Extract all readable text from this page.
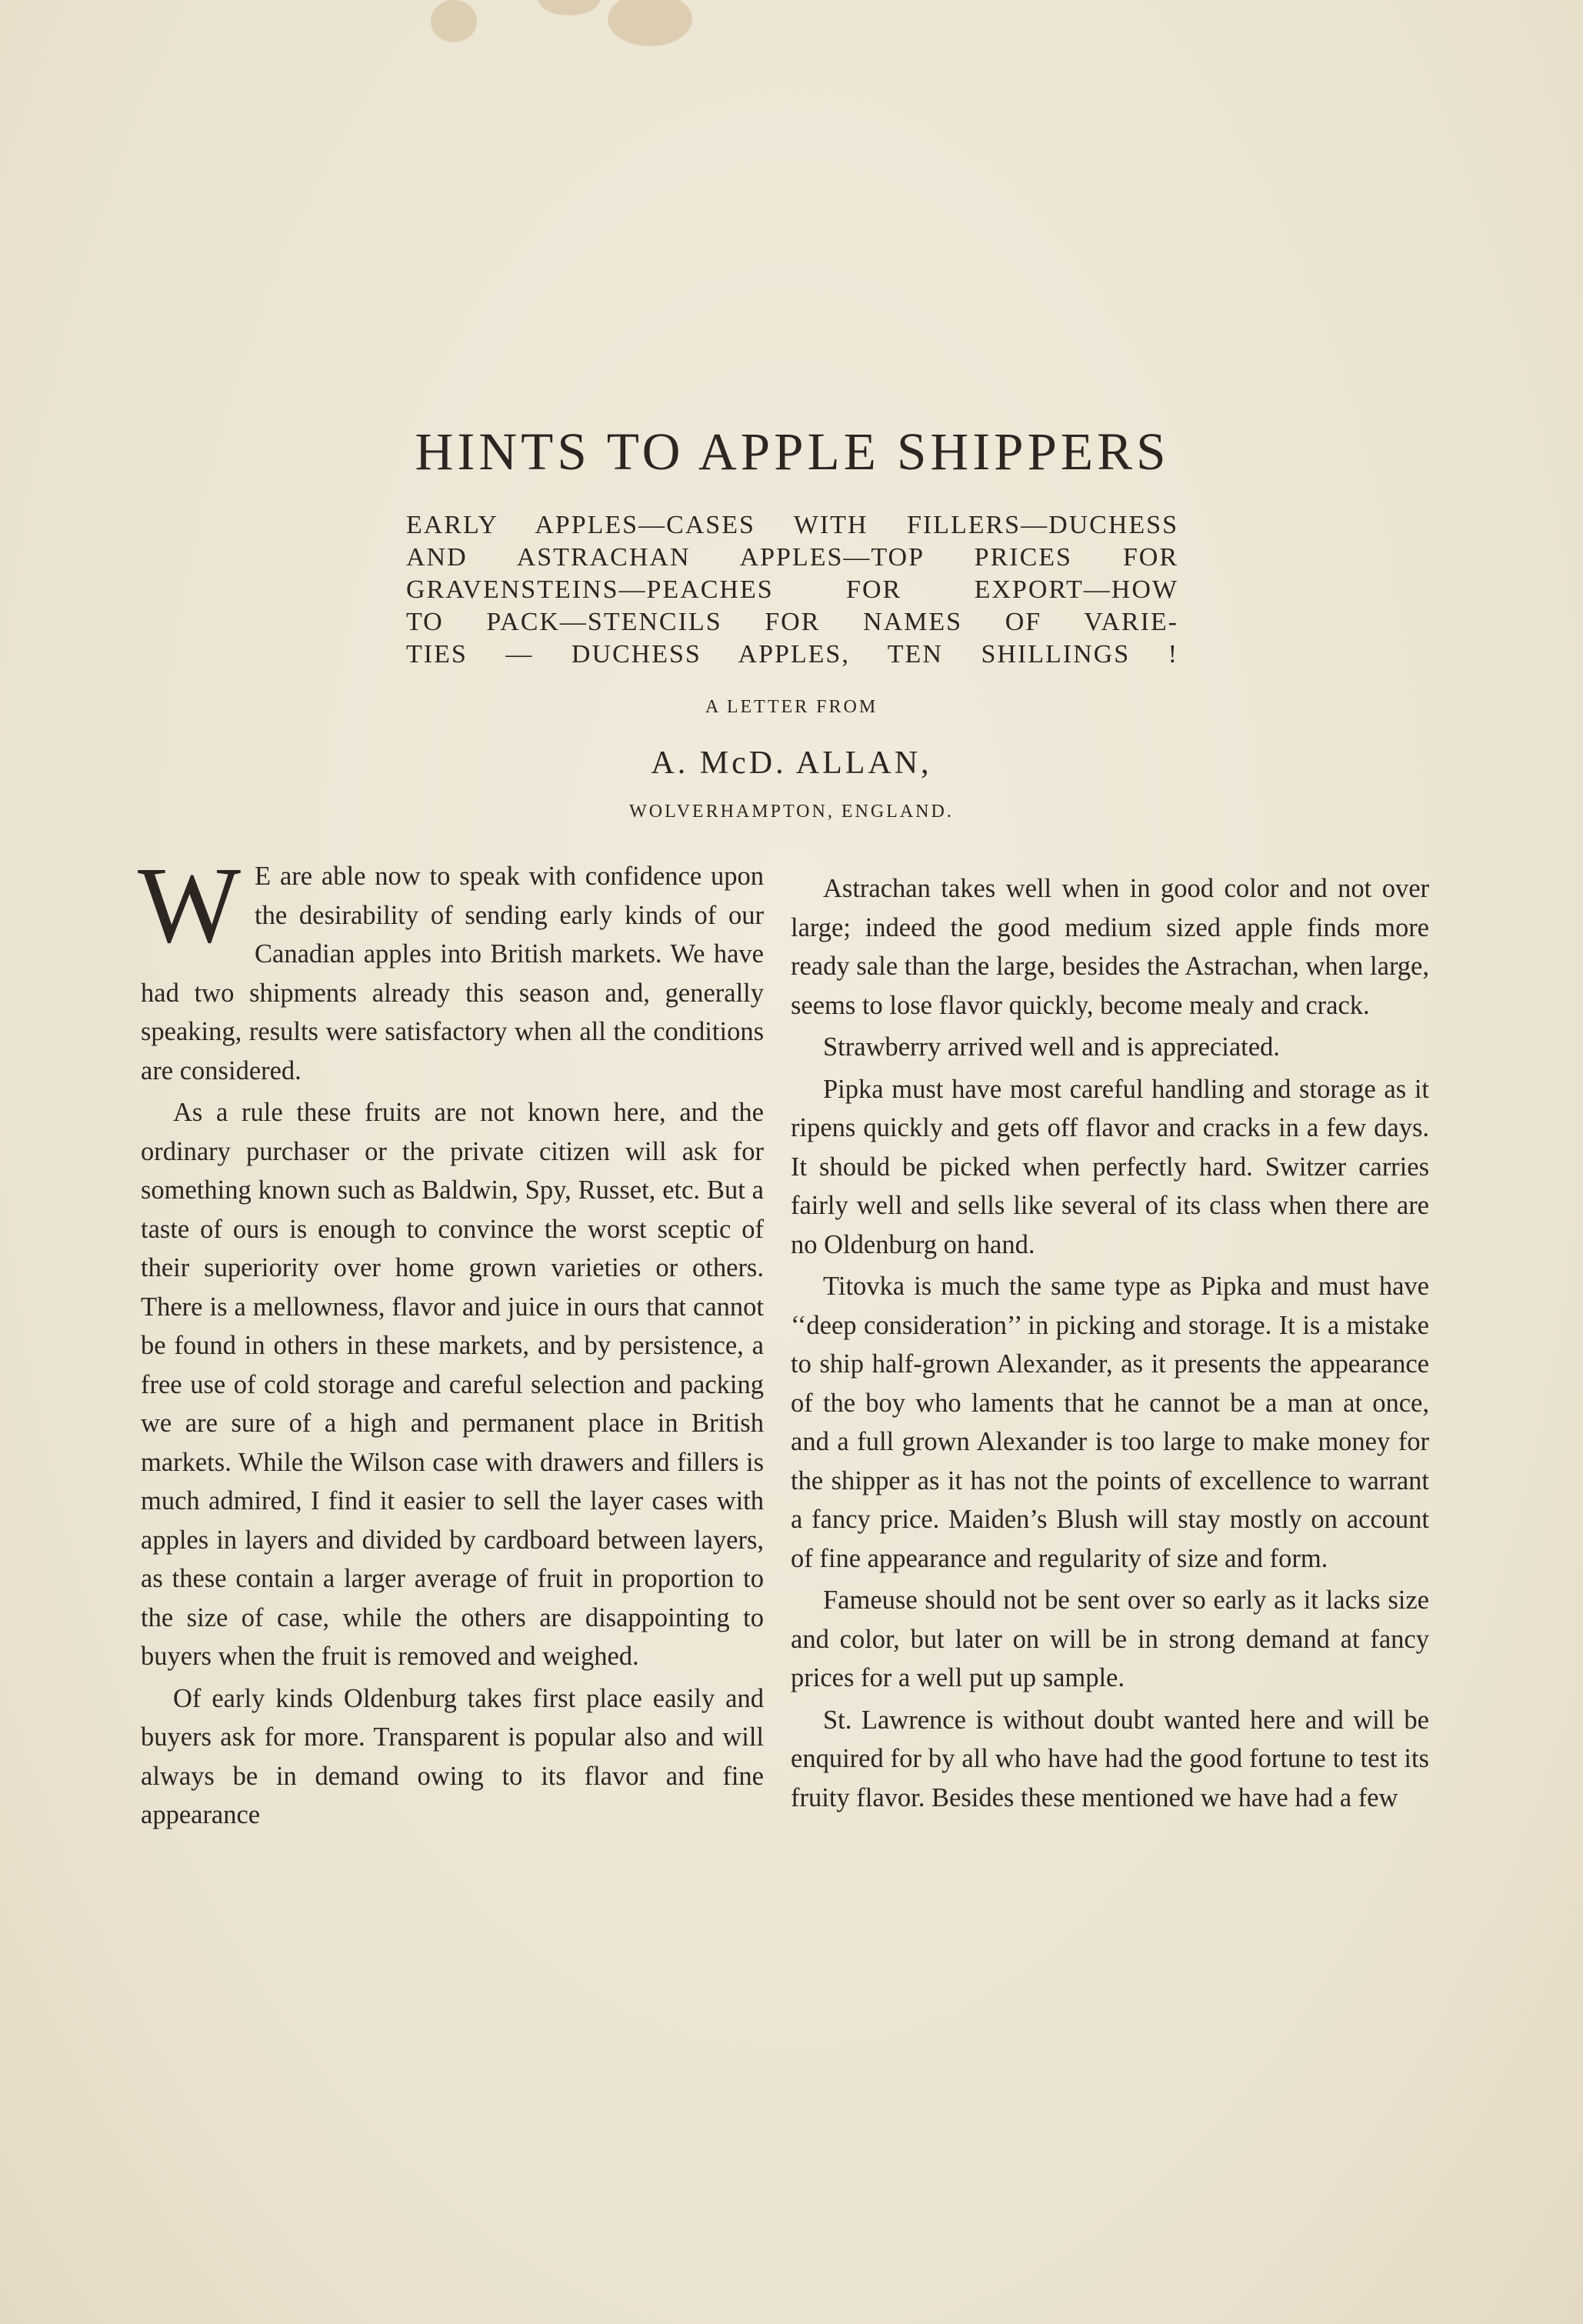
HINTS TO APPLE SHIPPERS
EARLY APPLES—CASES WITH FILLERS—DUCHESS
AND ASTRACHAN APPLES—TOP PRICES FOR
GRAVENSTEINS—PEACHES FOR EXPORT—HOW
TO PACK—STENCILS FOR NAMES OF VARIE-
TIES — DUCHESS APPLES, TEN SHILLINGS !
A LETTER FROM
A. McD. ALLAN,
WOLVERHAMPTON, ENGLAND.

W E are able now to speak with confidence upon the desirability of sending early kinds of our Canadian apples into British markets. We have had two shipments already this season and, generally speaking, results were satisfactory when all the conditions are considered.

As a rule these fruits are not known here, and the ordinary purchaser or the private citizen will ask for something known such as Baldwin, Spy, Russet, etc. But a taste of ours is enough to convince the worst sceptic of their superiority over home grown varieties or others. There is a mellowness, flavor and juice in ours that cannot be found in others in these markets, and by persistence, a free use of cold storage and careful selection and packing we are sure of a high and permanent place in British markets. While the Wilson case with drawers and fillers is much admired, I find it easier to sell the layer cases with apples in layers and divided by cardboard between layers, as these contain a larger average of fruit in proportion to the size of case, while the others are disappointing to buyers when the fruit is removed and weighed.

Of early kinds Oldenburg takes first place easily and buyers ask for more. Transparent is popular also and will always be in demand owing to its flavor and fine appearance

Astrachan takes well when in good color and not over large; indeed the good medium sized apple finds more ready sale than the large, besides the Astrachan, when large, seems to lose flavor quickly, become mealy and crack.

Strawberry arrived well and is appreciated.

Pipka must have most careful handling and storage as it ripens quickly and gets off flavor and cracks in a few days. It should be picked when perfectly hard. Switzer carries fairly well and sells like several of its class when there are no Oldenburg on hand.

Titovka is much the same type as Pipka and must have ‘‘deep consideration’’ in picking and storage. It is a mistake to ship half-grown Alexander, as it presents the appearance of the boy who laments that he cannot be a man at once, and a full grown Alexander is too large to make money for the shipper as it has not the points of excellence to warrant a fancy price. Maiden’s Blush will stay mostly on account of fine appearance and regularity of size and form.

Fameuse should not be sent over so early as it lacks size and color, but later on will be in strong demand at fancy prices for a well put up sample.

St. Lawrence is without doubt wanted here and will be enquired for by all who have had the good fortune to test its fruity flavor. Besides these mentioned we have had a few
